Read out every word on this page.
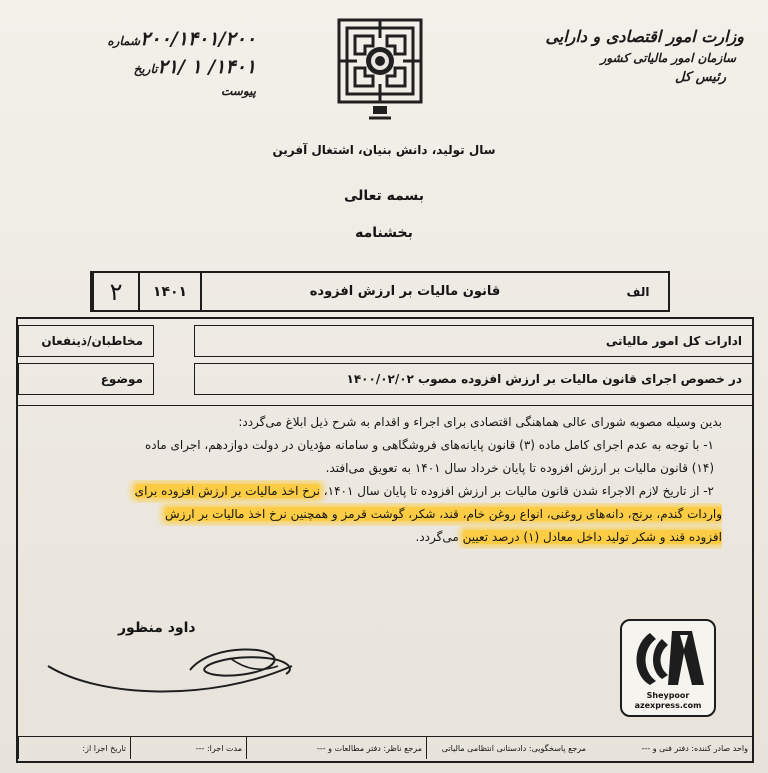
وزارت امور اقتصادی و دارایی
سازمان امور مالیاتی کشور
رئیس کل
شماره ۲۰۰/۱۴۰۱/۲۰۰
تاریخ ۲۱/ ۱ /۱۴۰۱
پیوست
سال تولید، دانش بنیان، اشتغال آفرین
بسمه تعالی
بخشنامه
۲	۱۴۰۱	قانون مالیات بر ارزش افزوده	الف
مخاطبان/ذینفعان	ادارات کل امور مالیاتی
موضوع	در خصوص اجرای قانون مالیات بر ارزش افزوده مصوب ۱۴۰۰/۰۲/۰۲
بدین وسیله مصوبه شورای عالی هماهنگی اقتصادی برای اجراء و اقدام به شرح ذیل ابلاغ می‌گردد:
۱- با توجه به عدم اجرای کامل ماده (۳) قانون پایانه‌های فروشگاهی و سامانه مؤدیان در دولت دوازدهم، اجرای ماده
(۱۴) قانون مالیات بر ارزش افزوده تا پایان خرداد سال ۱۴۰۱ به تعویق می‌افتد.
۲- از تاریخ لازم الاجراء شدن قانون مالیات بر ارزش افزوده تا پایان سال ۱۴۰۱، نرخ اخذ مالیات بر ارزش افزوده برای
واردات گندم، برنج، دانه‌های روغنی، انواع روغن خام، قند، شکر، گوشت قرمز و همچنین نرخ اخذ مالیات بر ارزش
افزوده قند و شکر تولید داخل معادل (۱) درصد تعیین می‌گردد.
داود منظور
Sheypoor
azexpress.com
تاریخ اجرا از:	مدت اجرا: ---	مرجع ناظر: دفتر مطالعات و ---	مرجع پاسخگویی: دادستانی انتظامی مالیاتی	واحد صادر کننده: دفتر فنی و ---
